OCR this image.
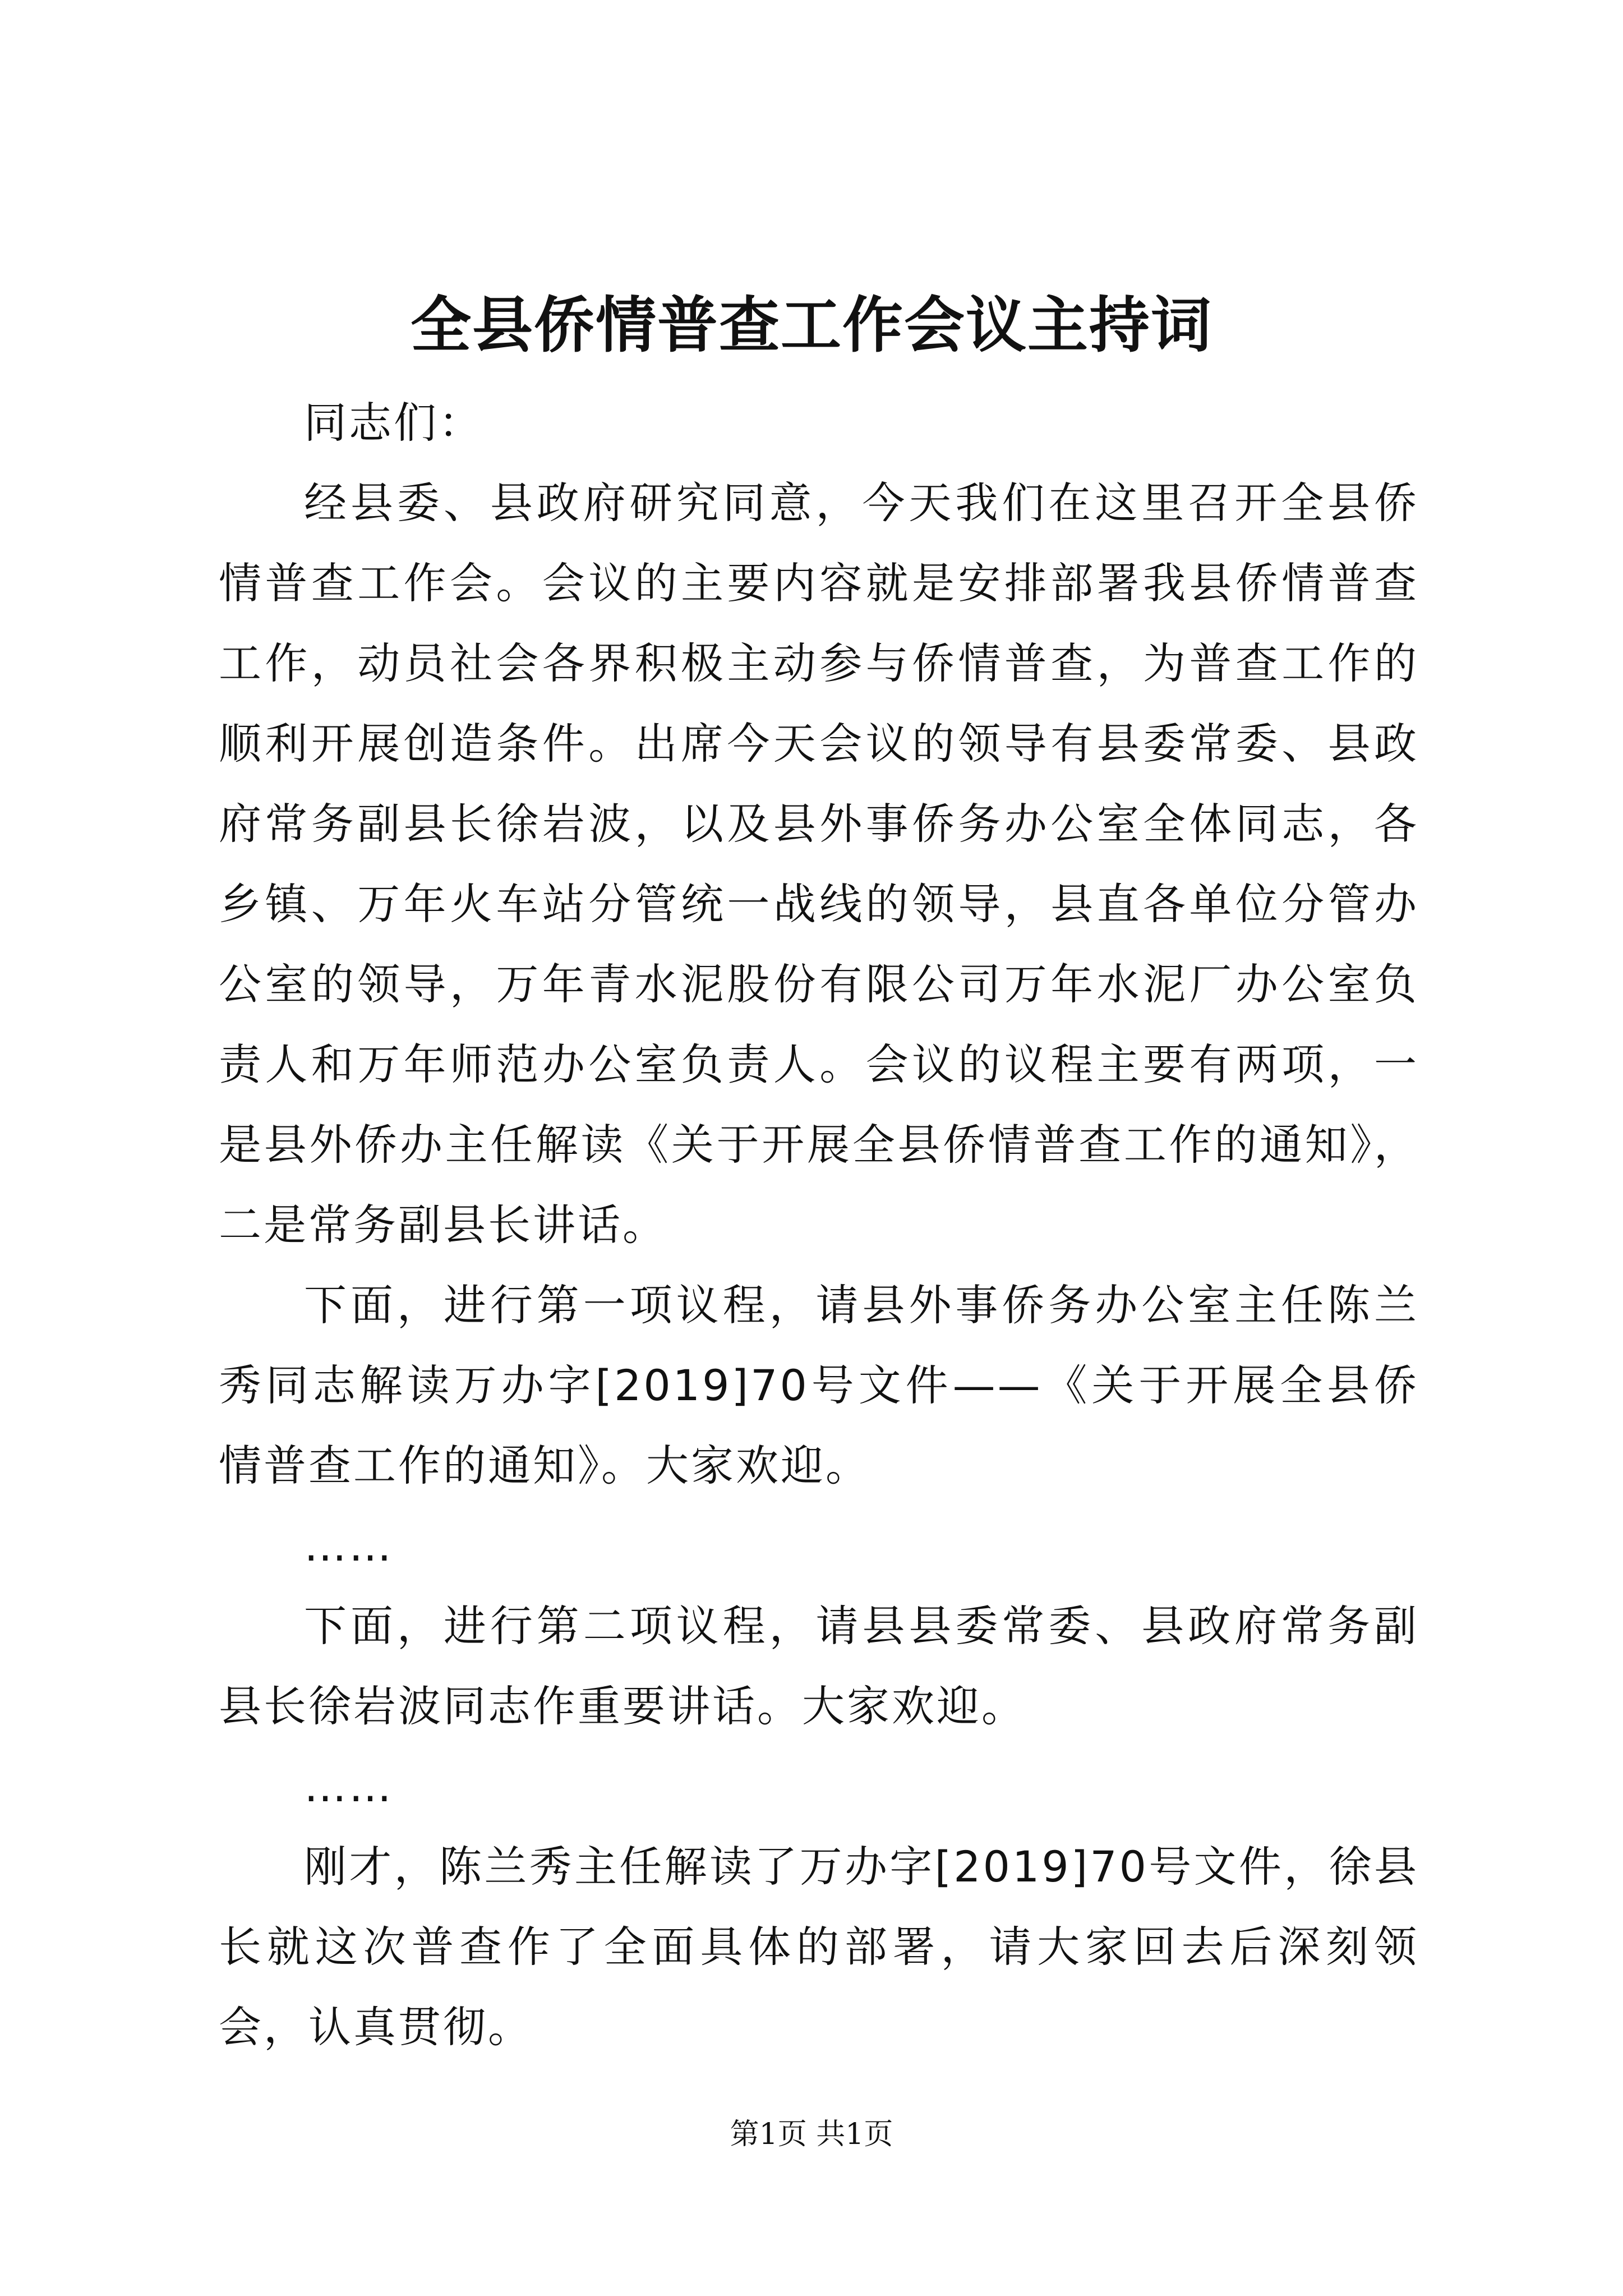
全县侨情普查工作会议主持词

同志们：

经县委、县政府研究同意，今天我们在这里召开全县侨情普查工作会。会议的主要内容就是安排部署我县侨情普查工作，动员社会各界积极主动参与侨情普查，为普查工作的顺利开展创造条件。出席今天会议的领导有县委常委、县政府常务副县长徐岩波，以及县外事侨务办公室全体同志，各乡镇、万年火车站分管统一战线的领导，县直各单位分管办公室的领导，万年青水泥股份有限公司万年水泥厂办公室负责人和万年师范办公室负责人。会议的议程主要有两项，一是县外侨办主任解读《关于开展全县侨情普查工作的通知》，二是常务副县长讲话。

下面，进行第一项议程，请县外事侨务办公室主任陈兰秀同志解读万办字[2019]70号文件——《关于开展全县侨情普查工作的通知》。大家欢迎。

……

下面，进行第二项议程，请县县委常委、县政府常务副县长徐岩波同志作重要讲话。大家欢迎。

……

刚才，陈兰秀主任解读了万办字[2019]70号文件，徐县长就这次普查作了全面具体的部署，请大家回去后深刻领会，认真贯彻。

第1页 共1页
